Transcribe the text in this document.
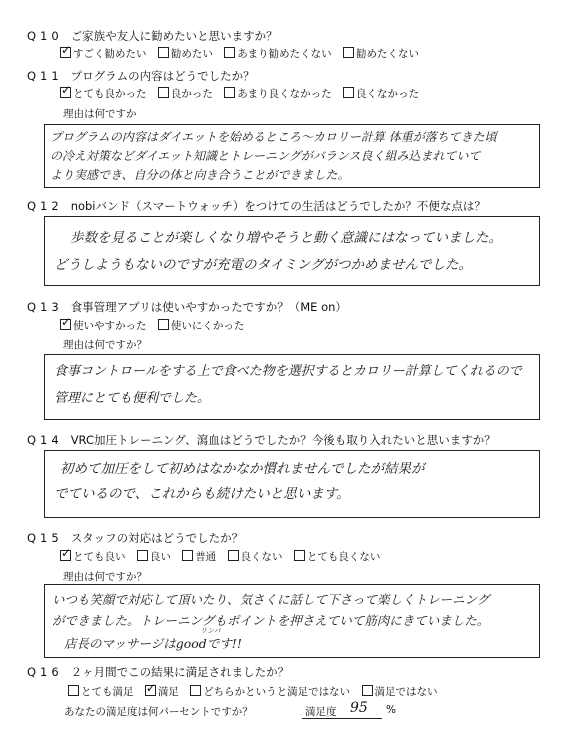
Q10 ご家族や友人に勧めたいと思いますか？
✓すごく勧めたい 勧めたい あまり勧めたくない 勧めたくない
Q11 プログラムの内容はどうでしたか？
✓とても良かった 良かった あまり良くなかった 良くなかった
理由は何ですか
プログラムの内容はダイエットを始めるところ～カロリー計算 体重が落ちてきた頃
の冷え対策などダイエット知識とトレーニングがバランス良く組み込まれていて
より実感でき、自分の体と向き合うことができました。
Q12 nobiバンド（スマートウォッチ）をつけての生活はどうでしたか？不便な点は？
歩数を見ることが楽しくなり増やそうと動く意識にはなっていました。
どうしようもないのですが充電のタイミングがつかめませんでした。
Q13 食事管理アプリは使いやすかったですか？（ME on）
✓使いやすかった 使いにくかった
理由は何ですか？
食事コントロールをする上で食べた物を選択するとカロリー計算してくれるので
管理にとても便利でした。
Q14 VRC加圧トレーニング、瀉血はどうでしたか？今後も取り入れたいと思いますか？
初めて加圧をして初めはなかなか慣れませんでしたが結果が
でているので、これからも続けたいと思います。
Q15 スタッフの対応はどうでしたか？
✓とても良い 良い 普通 良くない とても良くない
理由は何ですか？
いつも笑顔で対応して頂いたり、気さくに話して下さって楽しくトレーニング
ができました。トレーニングもポイントを押さえていて筋肉にきていました。
リンパ
店長のマッサージはgoodです!!
Q16 ２ヶ月間でこの結果に満足されましたか？
とても満足 ✓ 満足 どちらかというと満足ではない 満足ではない
あなたの満足度は何パーセントですか？	満足度 95 %
